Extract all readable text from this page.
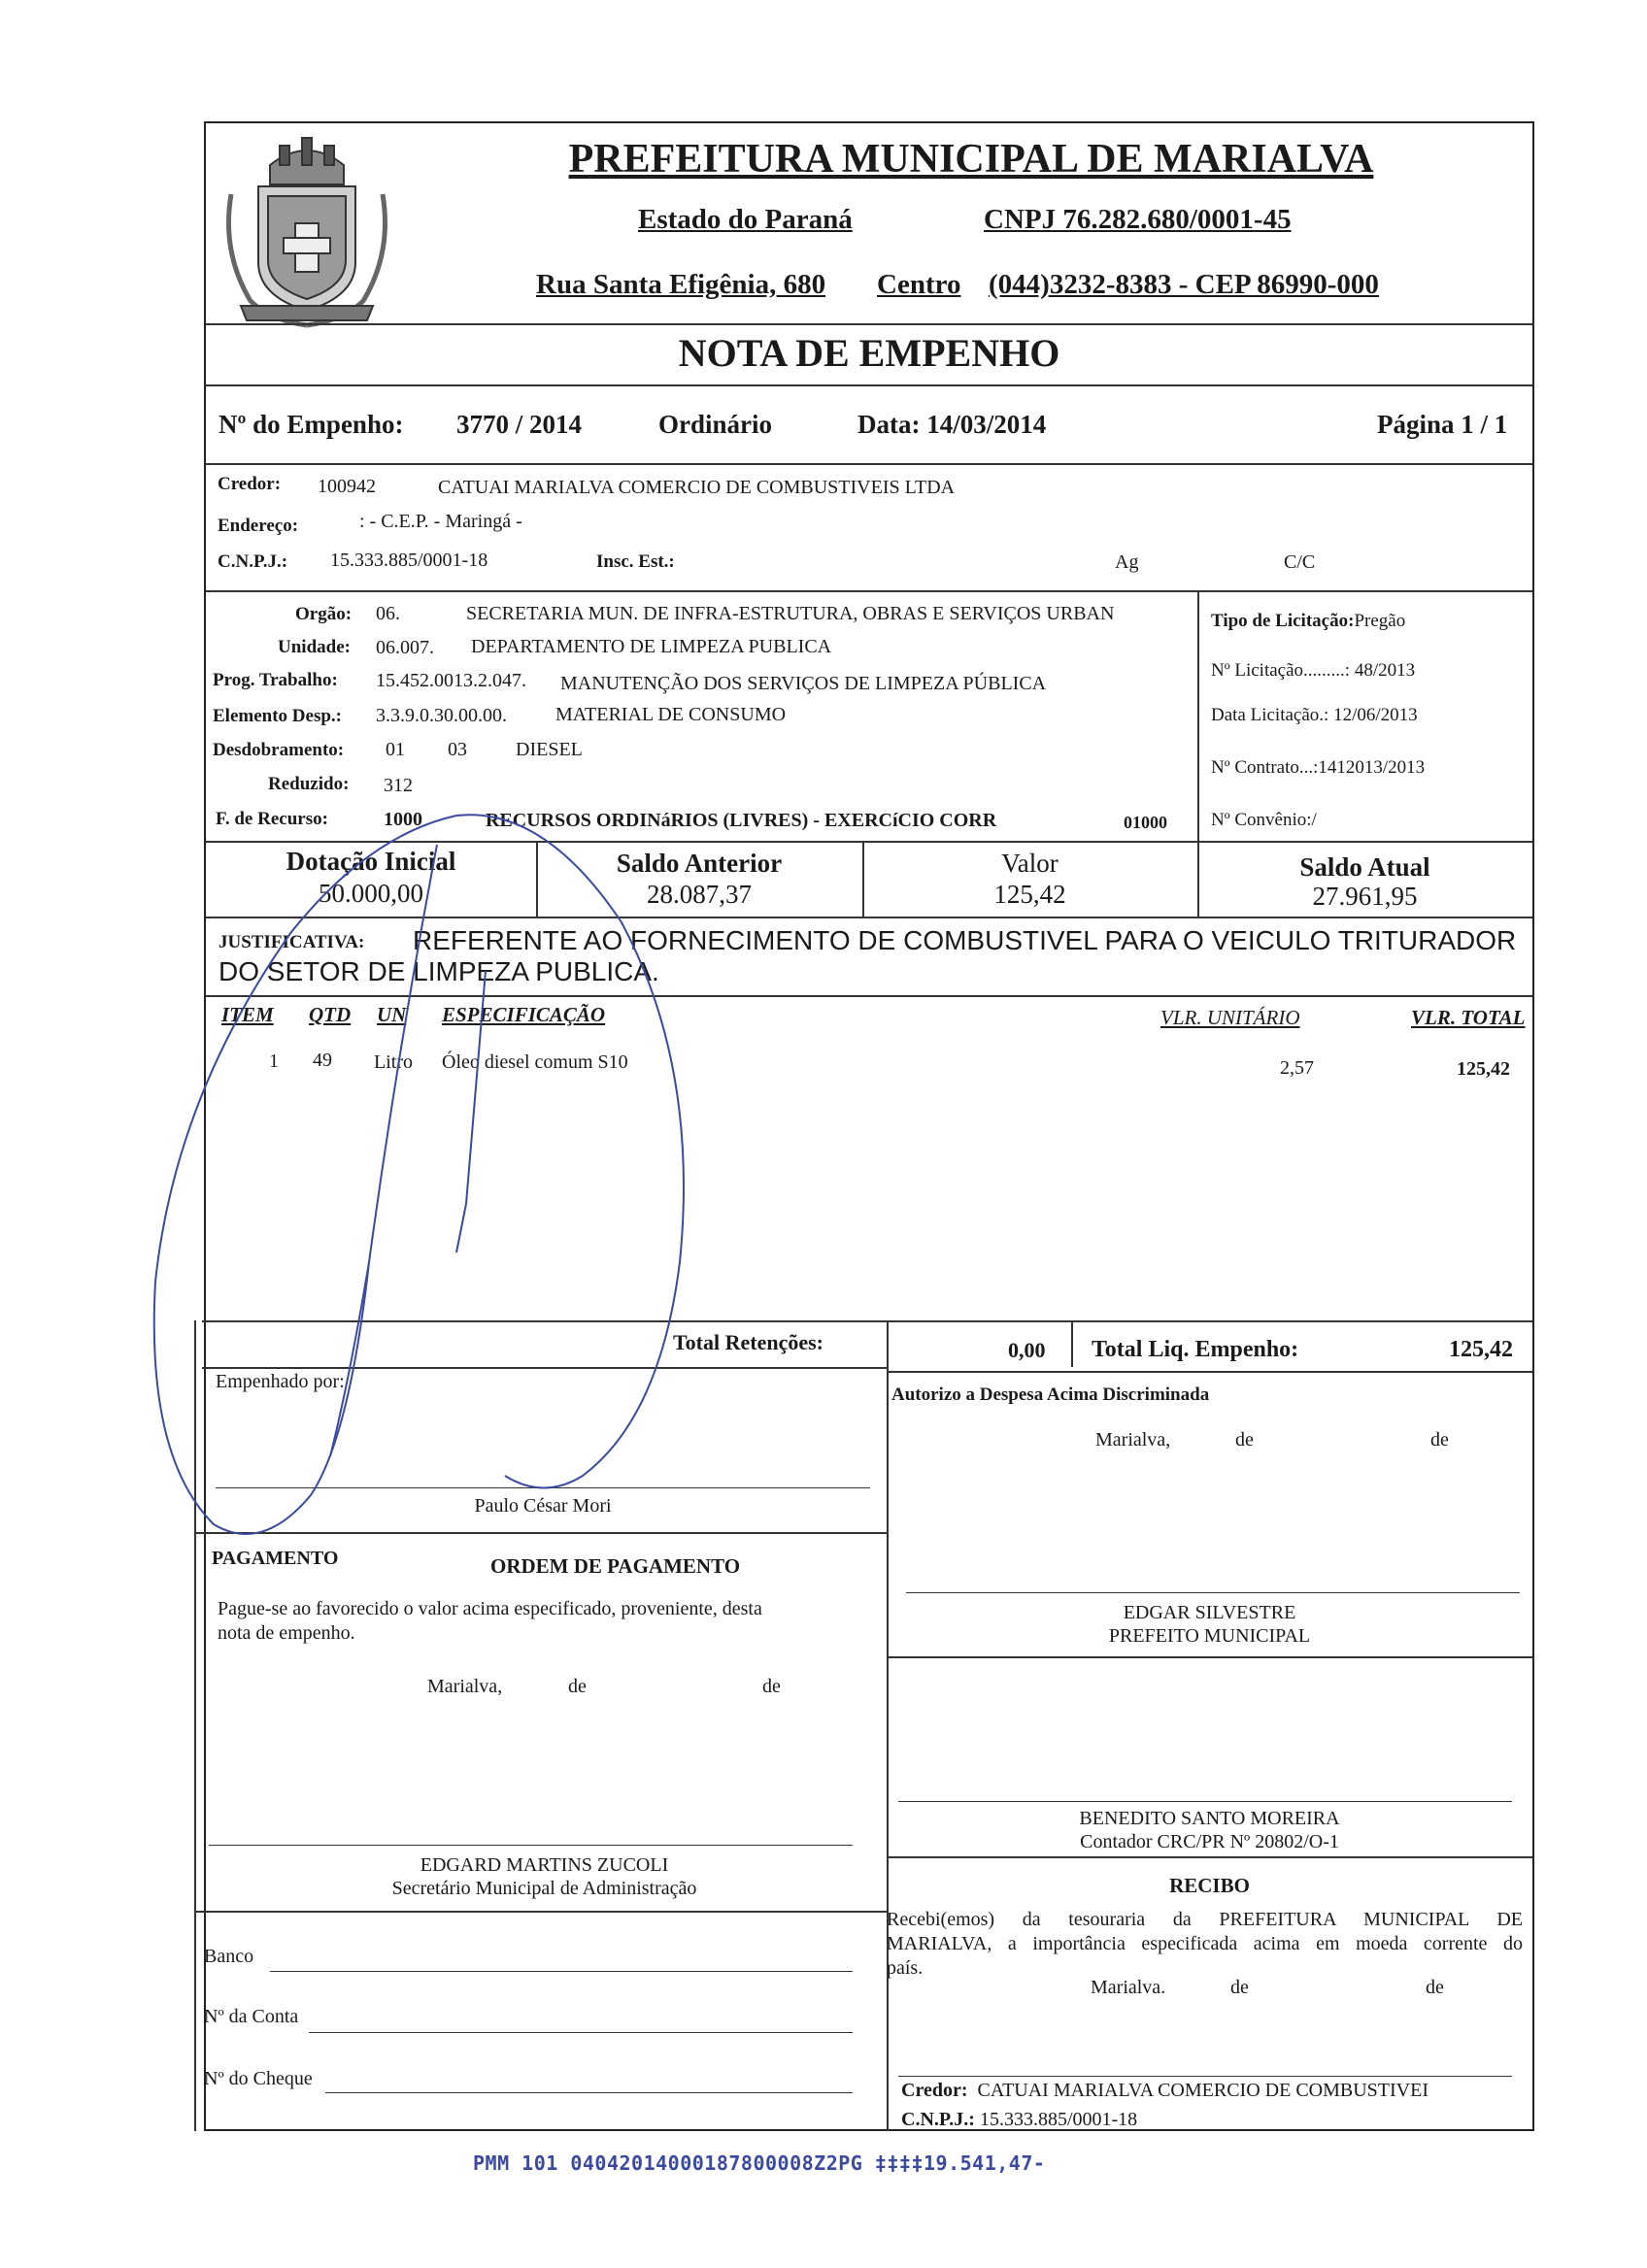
PREFEITURA MUNICIPAL DE MARIALVA
Estado do Paraná	CNPJ 76.282.680/0001-45
Rua Santa Efigênia, 680 Centro (044)3232-8383 - CEP 86990-000
NOTA DE EMPENHO
Nº do Empenho: 3770 / 2014	Ordinário	Data: 14/03/2014	Página 1 / 1
Credor: 100942	CATUAI MARIALVA COMERCIO DE COMBUSTIVEIS LTDA
Endereço:	: - C.E.P. - Maringá -
C.N.P.J.: 15.333.885/0001-18	Insc. Est.:	Ag	C/C
Orgão: 06.	SECRETARIA MUN. DE INFRA-ESTRUTURA, OBRAS E SERVIÇOS URBAN
Unidade: 06.007. DEPARTAMENTO DE LIMPEZA PUBLICA
Prog. Trabalho: 15.452.0013.2.047. MANUTENÇÃO DOS SERVIÇOS DE LIMPEZA PÚBLICA
Elemento Desp.: 3.3.9.0.30.00.00.	MATERIAL DE CONSUMO
Desdobramento: 01 03	DIESEL
Reduzido: 312
F. de Recurso:	1000	RECURSOS ORDINáRIOS (LIVRES) - EXERCíCIO CORR	01000
Tipo de Licitação:Pregão
Nº Licitação.........: 48/2013
Data Licitação.: 12/06/2013
Nº Contrato...:1412013/2013
Nº Convênio:/
Dotação Inicial
50.000,00
Saldo Anterior
28.087,37
Valor
125,42
Saldo Atual
27.961,95
JUSTIFICATIVA: REFERENTE AO FORNECIMENTO DE COMBUSTIVEL PARA O VEICULO TRITURADOR
DO SETOR DE LIMPEZA PUBLICA.
ITEM QTD UN ESPECIFICAÇÃO	VLR. UNITÁRIO	VLR. TOTAL
1 49 Litro Óleo diesel comum S10	2,57	125,42
Total Retenções:	0,00 Total Liq. Empenho:	125,42
Empenhado por:
Paulo César Mori
Autorizo a Despesa Acima Discriminada
Marialva,	de	de
EDGAR SILVESTRE
PREFEITO MUNICIPAL
PAGAMENTO	ORDEM DE PAGAMENTO
Pague-se ao favorecido o valor acima especificado, proveniente, desta
nota de empenho.
Marialva,	de	de
EDGARD MARTINS ZUCOLI
Secretário Municipal de Administração
BENEDITO SANTO MOREIRA
Contador CRC/PR Nº 20802/O-1
RECIBO
Recebi(emos) da tesouraria da PREFEITURA MUNICIPAL DE
MARIALVA, a importância especificada acima em moeda corrente do
país.
Marialva.	de	de
Credor: CATUAI MARIALVA COMERCIO DE COMBUSTIVEI
C.N.P.J.: 15.333.885/0001-18
Banco
Nº da Conta
Nº do Cheque
PMM 101 04042014000187800008Z2PG ‡‡‡‡19.541,47-
